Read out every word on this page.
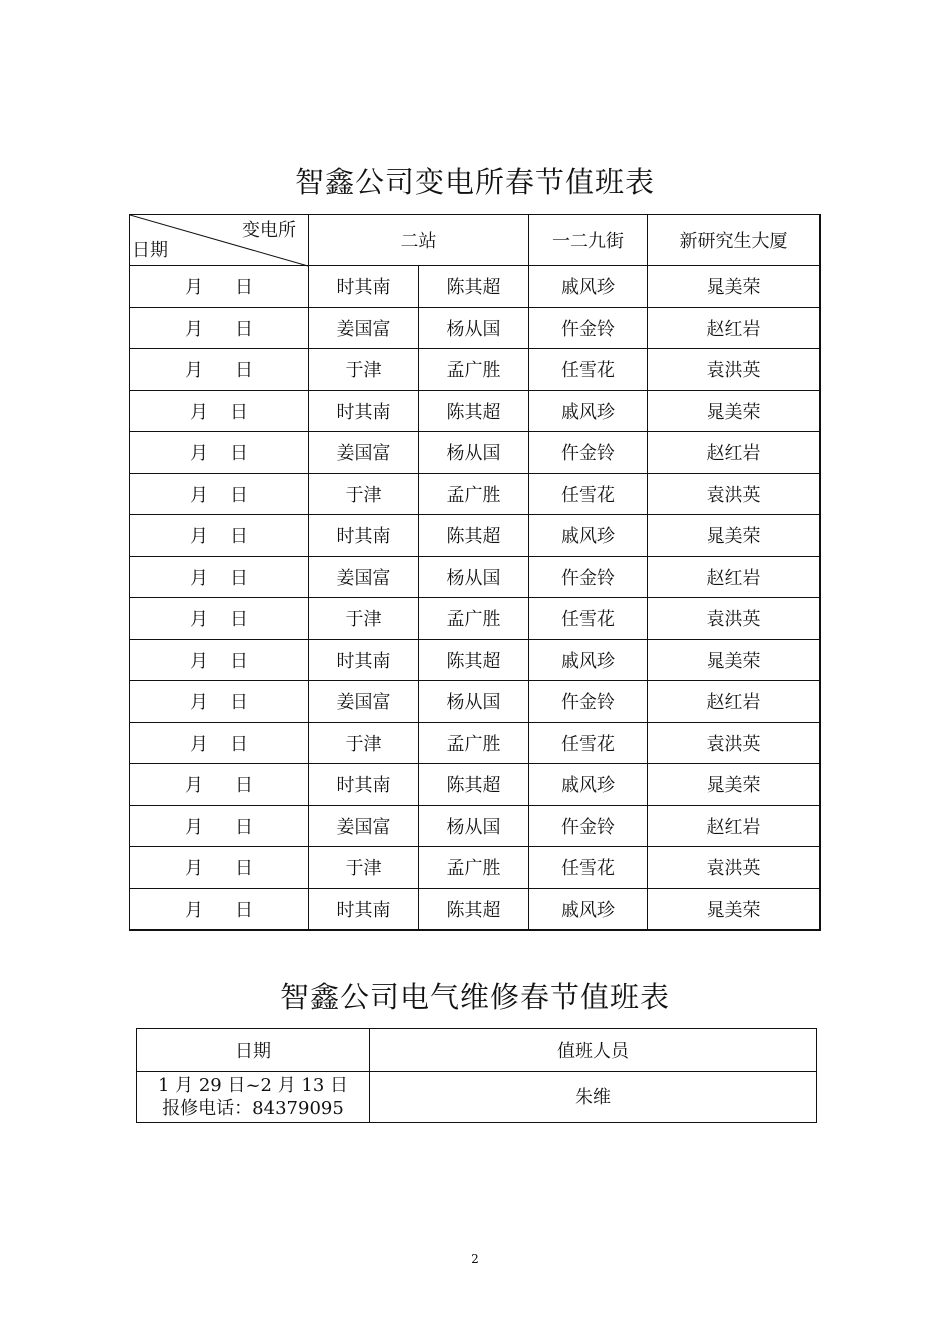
智鑫公司变电所春节值班表
变电所
日期	二站		一二九街	新研究生大厦
月 日	时其南	陈其超	戚风珍	晁美荣
月 日	姜国富	杨从国	仵金铃	赵红岩
月 日	于津	孟广胜	任雪花	袁洪英
月 日	时其南	陈其超	戚风珍	晁美荣
月 日	姜国富	杨从国	仵金铃	赵红岩
月 日	于津	孟广胜	任雪花	袁洪英
月 日	时其南	陈其超	戚风珍	晁美荣
月 日	姜国富	杨从国	仵金铃	赵红岩
月 日	于津	孟广胜	任雪花	袁洪英
月 日	时其南	陈其超	戚风珍	晁美荣
月 日	姜国富	杨从国	仵金铃	赵红岩
月 日	于津	孟广胜	任雪花	袁洪英
月 日	时其南	陈其超	戚风珍	晁美荣
月 日	姜国富	杨从国	仵金铃	赵红岩
月 日	于津	孟广胜	任雪花	袁洪英
月 日	时其南	陈其超	戚风珍	晁美荣
智鑫公司电气维修春节值班表
日期	值班人员

1 月 29 日~2 月 13 日
报修电话：84379095	朱维
2
